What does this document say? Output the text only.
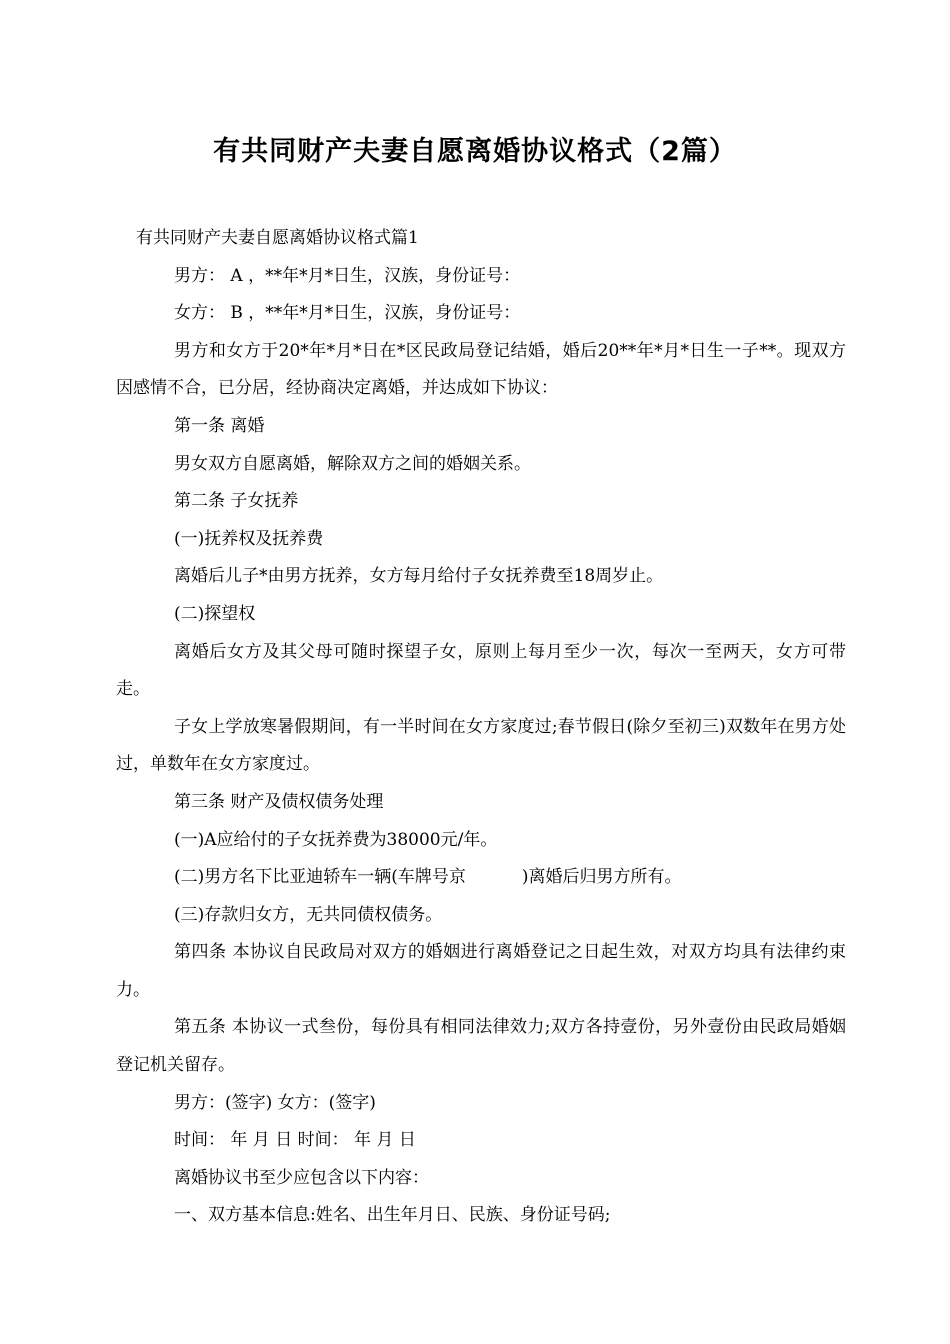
有共同财产夫妻自愿离婚协议格式（2篇）

有共同财产夫妻自愿离婚协议格式篇1

男方： A ，**年*月*日生，汉族，身份证号：

女方： B ，**年*月*日生，汉族，身份证号：

男方和女方于20*年*月*日在*区民政局登记结婚，婚后20**年*月*日生一子**。现双方因感情不合，已分居，经协商决定离婚，并达成如下协议：

第一条 离婚

男女双方自愿离婚，解除双方之间的婚姻关系。

第二条 子女抚养

(一)抚养权及抚养费

离婚后儿子*由男方抚养，女方每月给付子女抚养费至18周岁止。

(二)探望权

离婚后女方及其父母可随时探望子女，原则上每月至少一次，每次一至两天，女方可带走。

子女上学放寒暑假期间，有一半时间在女方家度过;春节假日(除夕至初三)双数年在男方处过，单数年在女方家度过。

第三条 财产及债权债务处理

(一)A应给付的子女抚养费为38000元/年。

(二)男方名下比亚迪轿车一辆(车牌号京	)离婚后归男方所有。

(三)存款归女方，无共同债权债务。

第四条 本协议自民政局对双方的婚姻进行离婚登记之日起生效，对双方均具有法律约束力。

第五条 本协议一式叁份，每份具有相同法律效力;双方各持壹份，另外壹份由民政局婚姻登记机关留存。

男方：(签字) 女方：(签字)

时间： 年 月 日 时间： 年 月 日

离婚协议书至少应包含以下内容：

一、双方基本信息:姓名、出生年月日、民族、身份证号码;
